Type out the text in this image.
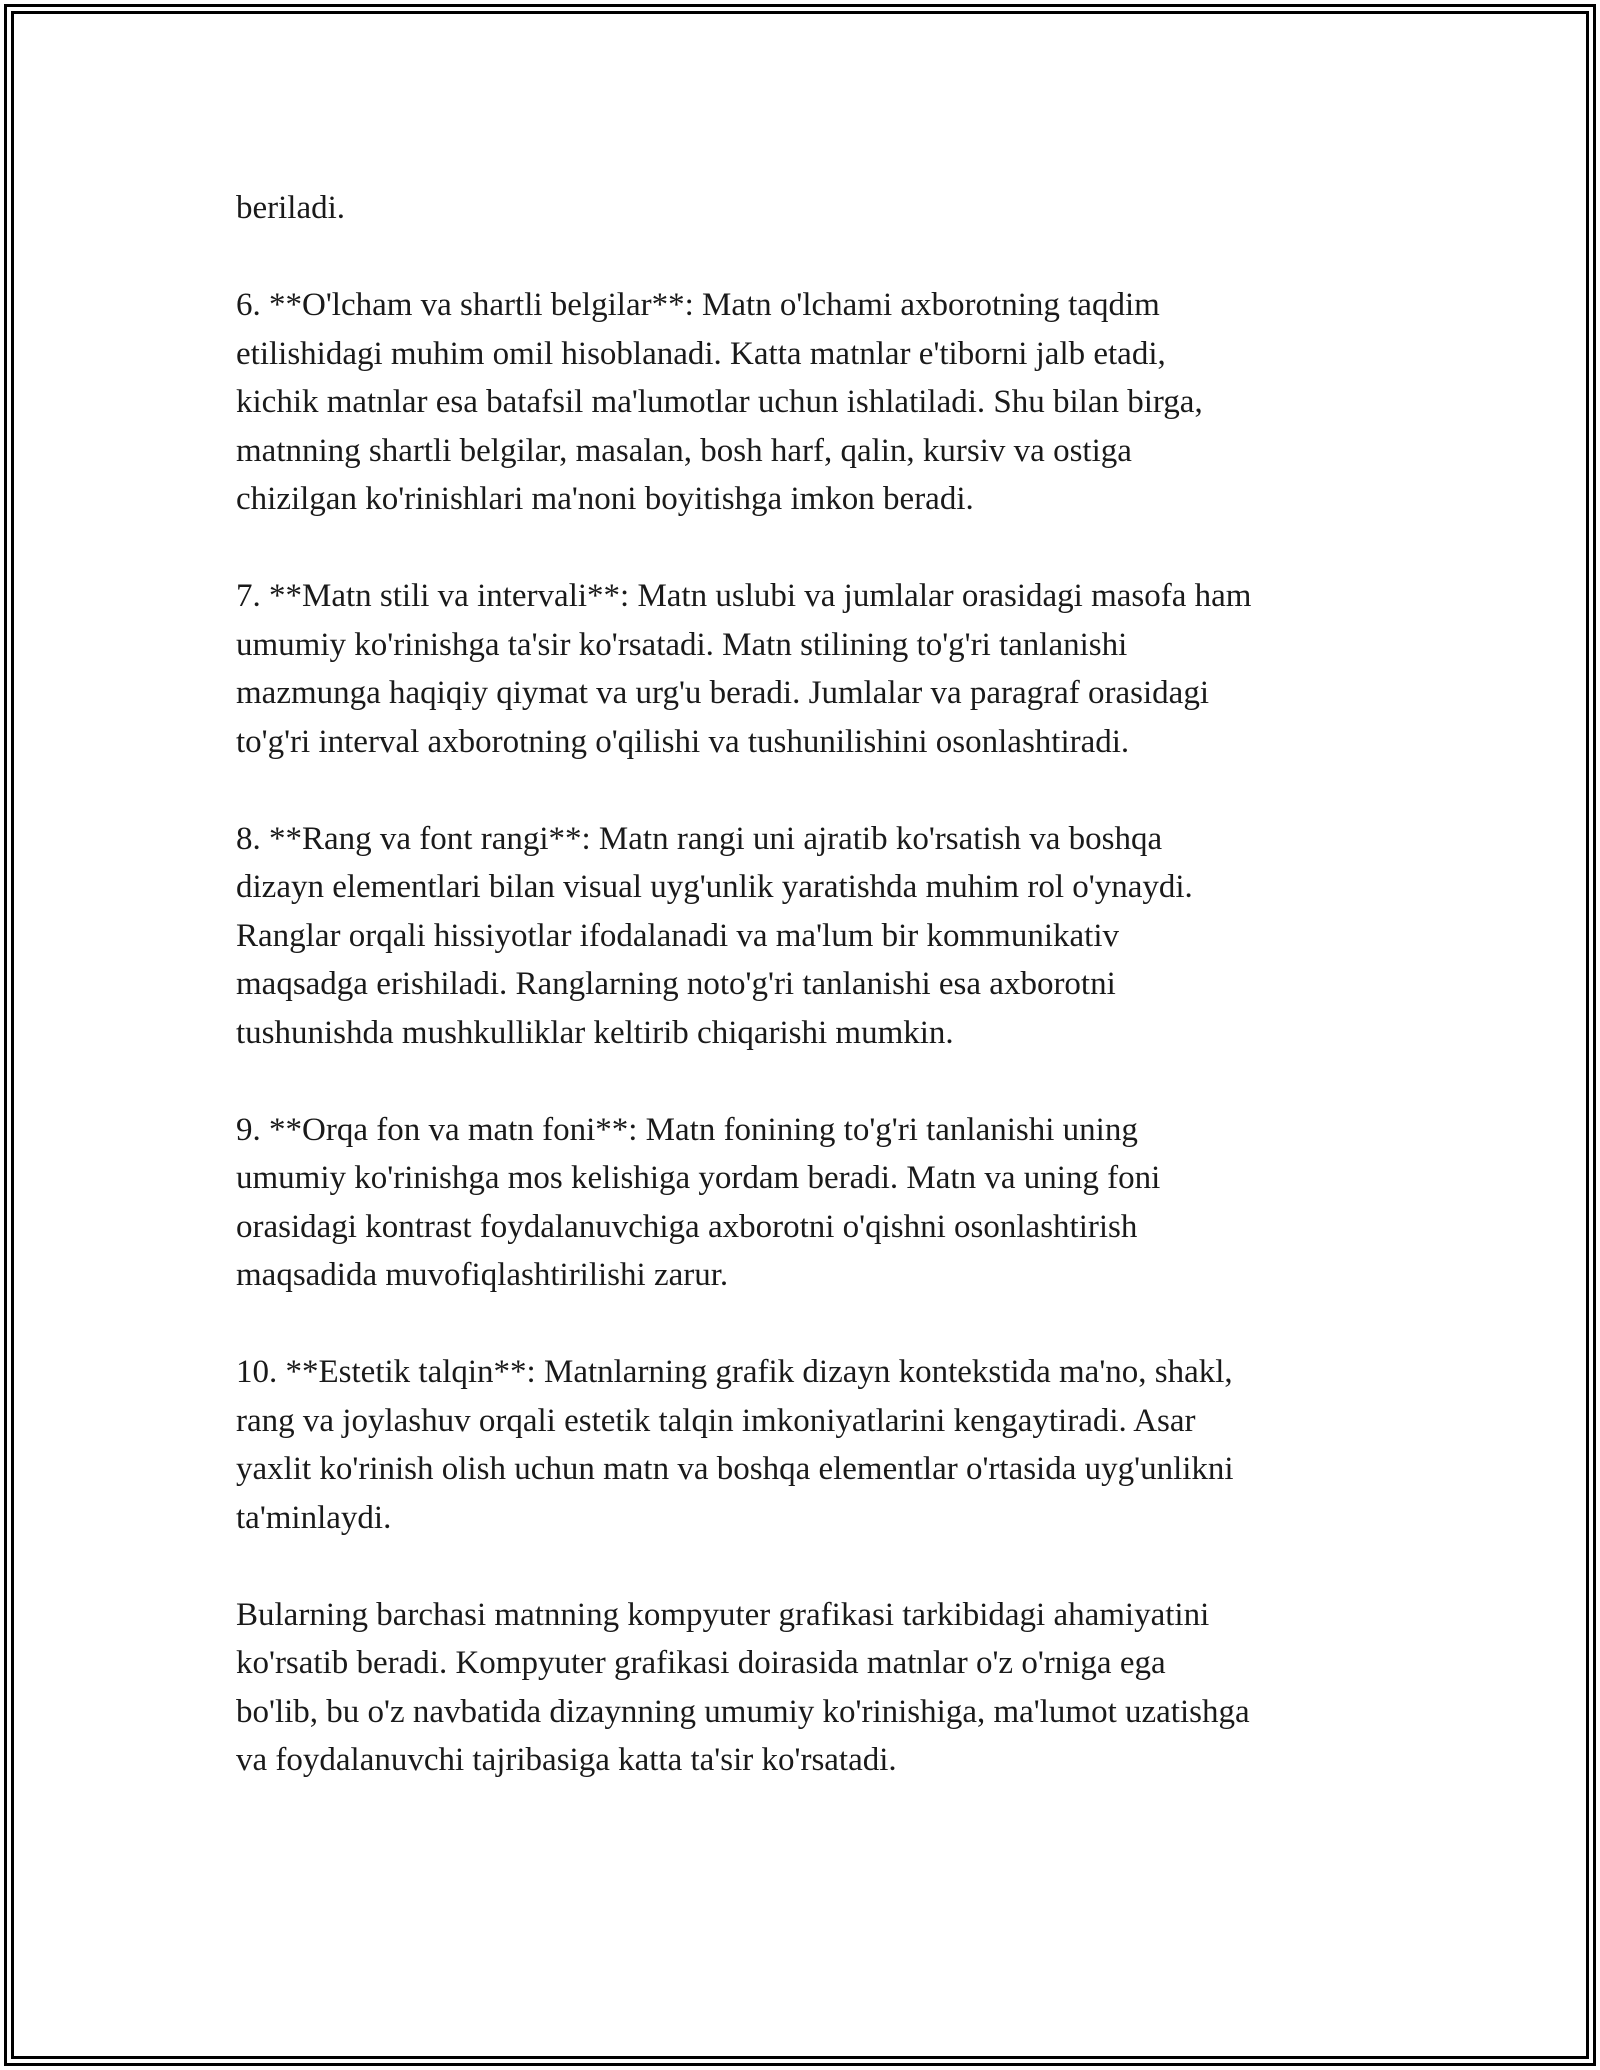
beriladi.

6. **O'lcham va shartli belgilar**: Matn o'lchami axborotning taqdim
etilishidagi muhim omil hisoblanadi. Katta matnlar e'tiborni jalb etadi,
kichik matnlar esa batafsil ma'lumotlar uchun ishlatiladi. Shu bilan birga,
matnning shartli belgilar, masalan, bosh harf, qalin, kursiv va ostiga
chizilgan ko'rinishlari ma'noni boyitishga imkon beradi.

7. **Matn stili va intervali**: Matn uslubi va jumlalar orasidagi masofa ham
umumiy ko'rinishga ta'sir ko'rsatadi. Matn stilining to'g'ri tanlanishi
mazmunga haqiqiy qiymat va urg'u beradi. Jumlalar va paragraf orasidagi
to'g'ri interval axborotning o'qilishi va tushunilishini osonlashtiradi.

8. **Rang va font rangi**: Matn rangi uni ajratib ko'rsatish va boshqa
dizayn elementlari bilan visual uyg'unlik yaratishda muhim rol o'ynaydi.
Ranglar orqali hissiyotlar ifodalanadi va ma'lum bir kommunikativ
maqsadga erishiladi. Ranglarning noto'g'ri tanlanishi esa axborotni
tushunishda mushkulliklar keltirib chiqarishi mumkin.

9. **Orqa fon va matn foni**: Matn fonining to'g'ri tanlanishi uning
umumiy ko'rinishga mos kelishiga yordam beradi. Matn va uning foni
orasidagi kontrast foydalanuvchiga axborotni o'qishni osonlashtirish
maqsadida muvofiqlashtirilishi zarur.

10. **Estetik talqin**: Matnlarning grafik dizayn kontekstida ma'no, shakl,
rang va joylashuv orqali estetik talqin imkoniyatlarini kengaytiradi. Asar
yaxlit ko'rinish olish uchun matn va boshqa elementlar o'rtasida uyg'unlikni
ta'minlaydi.

Bularning barchasi matnning kompyuter grafikasi tarkibidagi ahamiyatini
ko'rsatib beradi. Kompyuter grafikasi doirasida matnlar o'z o'rniga ega
bo'lib, bu o'z navbatida dizaynning umumiy ko'rinishiga, ma'lumot uzatishga
va foydalanuvchi tajribasiga katta ta'sir ko'rsatadi.
